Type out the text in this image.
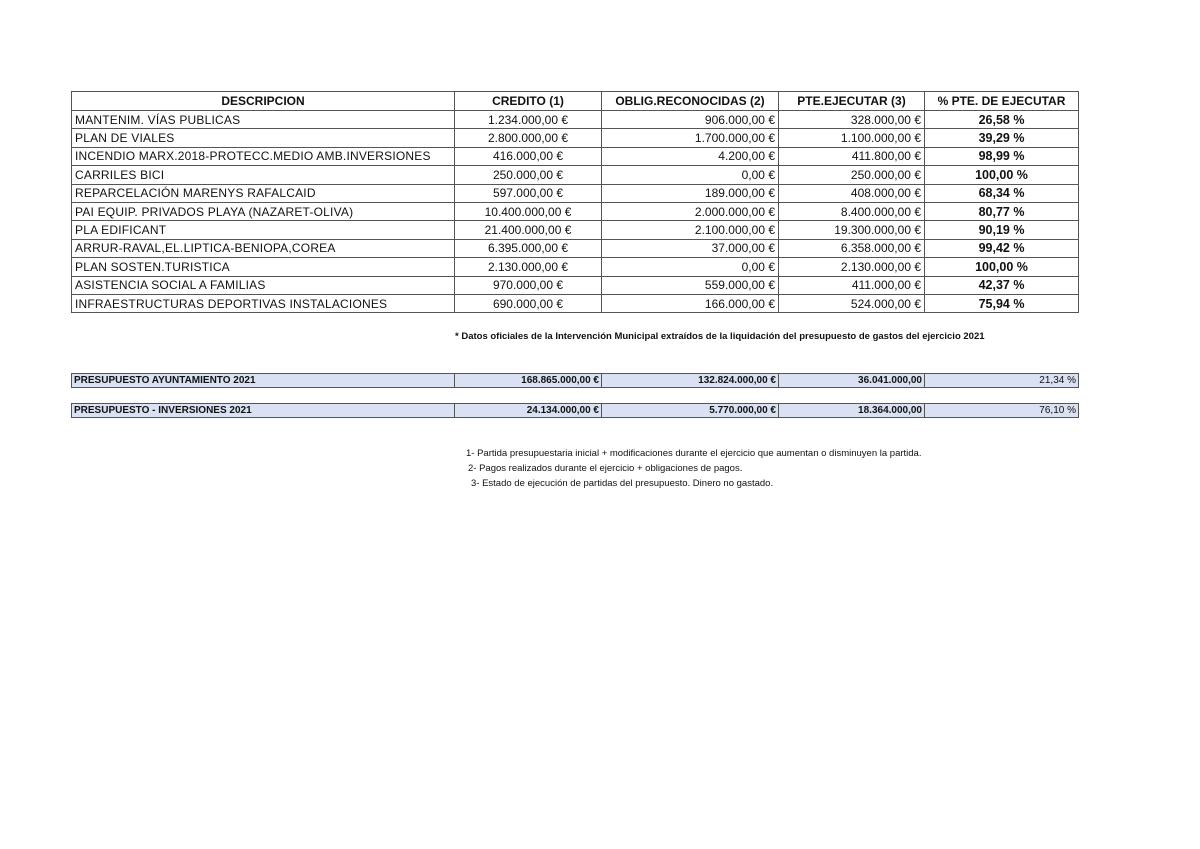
DESCRIPCION	CREDITO (1)	OBLIG.RECONOCIDAS (2)	PTE.EJECUTAR (3)	% PTE. DE EJECUTAR
MANTENIM. VÍAS PUBLICAS	1.234.000,00 €	906.000,00 €	328.000,00 €	26,58 %
PLAN DE VIALES	2.800.000,00 €	1.700.000,00 €	1.100.000,00 €	39,29 %
INCENDIO MARX.2018-PROTECC.MEDIO AMB.INVERSIONES	416.000,00 €	4.200,00 €	411.800,00 €	98,99 %
CARRILES BICI	250.000,00 €	0,00 €	250.000,00 €	100,00 %
REPARCELACIÓN MARENYS RAFALCAID	597.000,00 €	189.000,00 €	408.000,00 €	68,34 %
PAI EQUIP. PRIVADOS PLAYA (NAZARET-OLIVA)	10.400.000,00 €	2.000.000,00 €	8.400.000,00 €	80,77 %
PLA EDIFICANT	21.400.000,00 €	2.100.000,00 €	19.300.000,00 €	90,19 %
ARRUR-RAVAL,EL.LIPTICA-BENIOPA,COREA	6.395.000,00 €	37.000,00 €	6.358.000,00 €	99,42 %
PLAN SOSTEN.TURISTICA	2.130.000,00 €	0,00 €	2.130.000,00 €	100,00 %
ASISTENCIA SOCIAL A FAMILIAS	970.000,00 €	559.000,00 €	411.000,00 €	42,37 %
INFRAESTRUCTURAS DEPORTIVAS INSTALACIONES	690.000,00 €	166.000,00 €	524.000,00 €	75,94 %
* Datos oficiales de la Intervención Municipal extraídos de la liquidación del presupuesto de gastos del ejercicio 2021
PRESUPUESTO AYUNTAMIENTO 2021	168.865.000,00 €	132.824.000,00 €	36.041.000,00	21,34 %
PRESUPUESTO - INVERSIONES 2021	24.134.000,00 €	5.770.000,00 €	18.364.000,00	76,10 %
1- Partida presupuestaria inicial + modificaciones durante el ejercicio que aumentan o disminuyen la partida.
2- Pagos realizados durante el ejercicio + obligaciones de pagos.
3- Estado de ejecución de partidas del presupuesto. Dinero no gastado.
